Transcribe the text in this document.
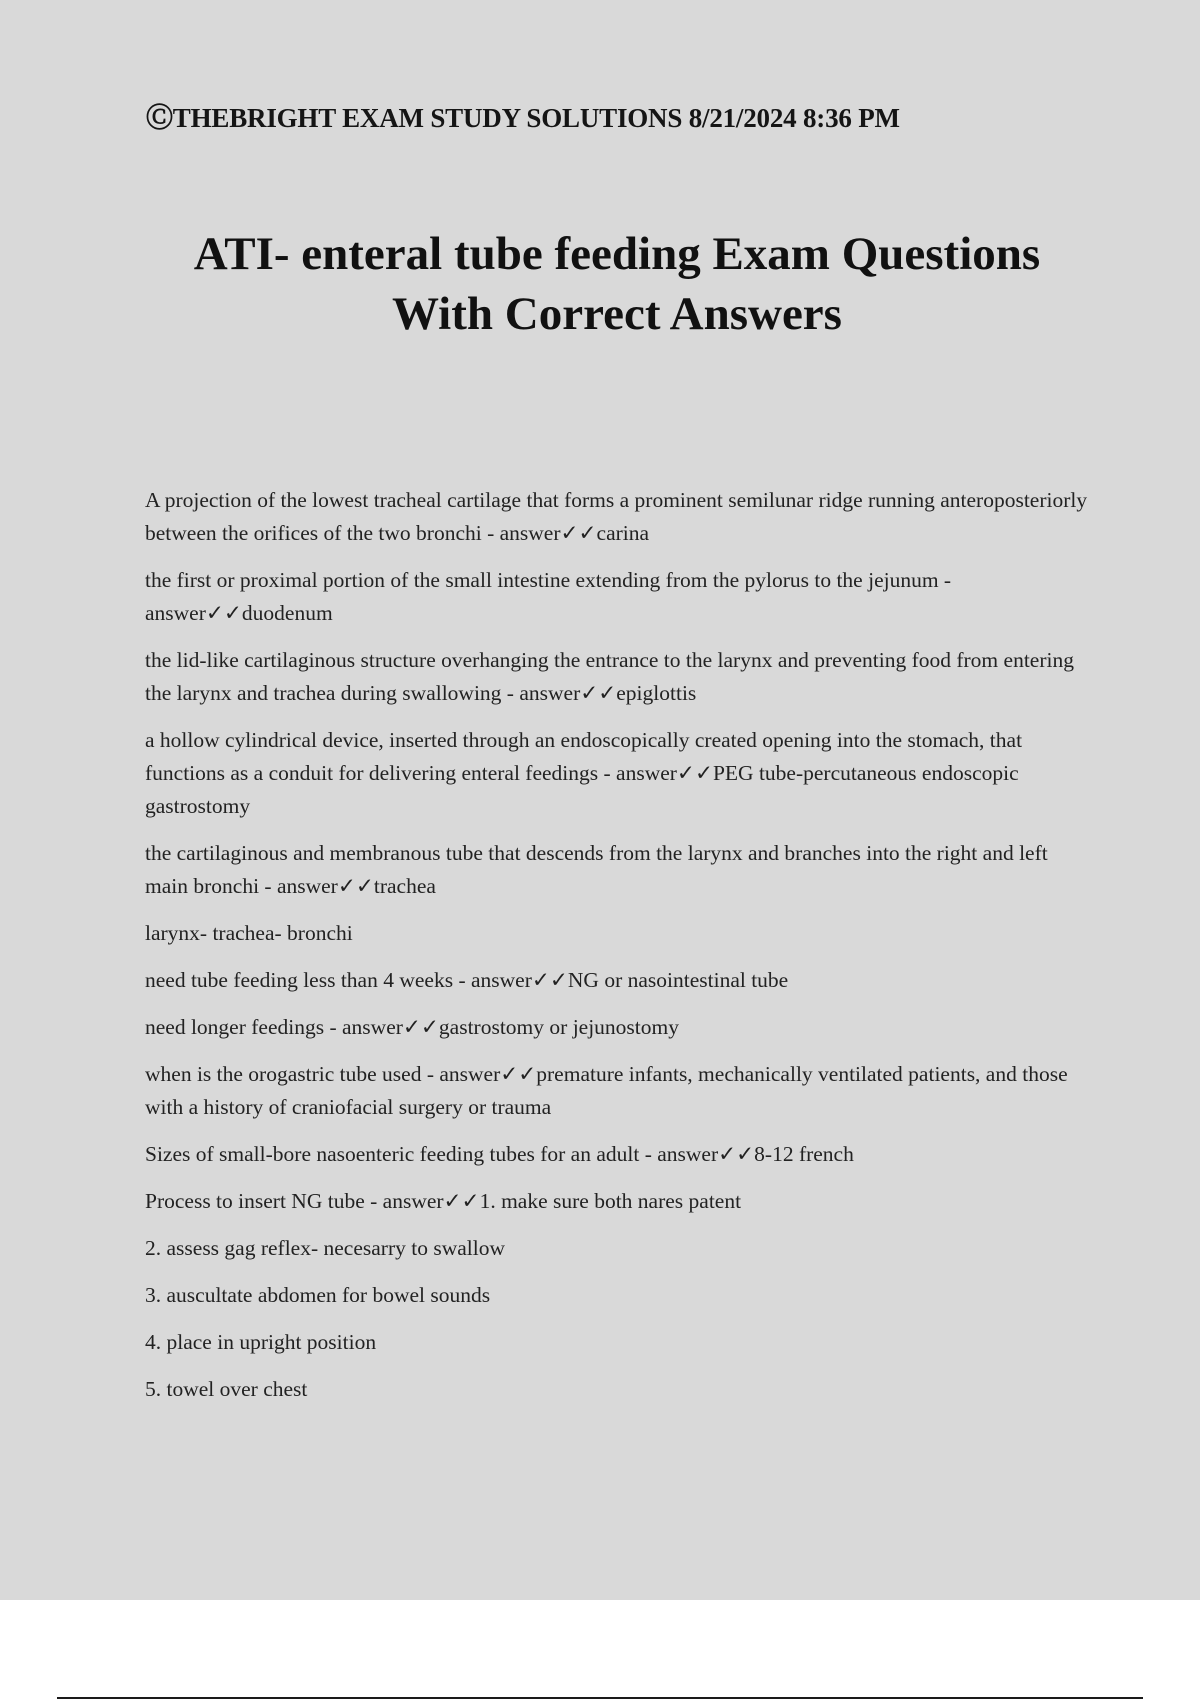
ⒸTHEBRIGHT EXAM STUDY SOLUTIONS 8/21/2024 8:36 PM
ATI- enteral tube feeding Exam Questions
With Correct Answers

A projection of the lowest tracheal cartilage that forms a prominent semilunar ridge running anteroposteriorly between the orifices of the two bronchi - answer✓✓carina

the first or proximal portion of the small intestine extending from the pylorus to the jejunum - answer✓✓duodenum

the lid-like cartilaginous structure overhanging the entrance to the larynx and preventing food from entering the larynx and trachea during swallowing - answer✓✓epiglottis

a hollow cylindrical device, inserted through an endoscopically created opening into the stomach, that functions as a conduit for delivering enteral feedings - answer✓✓PEG tube-percutaneous endoscopic gastrostomy

the cartilaginous and membranous tube that descends from the larynx and branches into the right and left main bronchi - answer✓✓trachea

larynx- trachea- bronchi

need tube feeding less than 4 weeks - answer✓✓NG or nasointestinal tube

need longer feedings - answer✓✓gastrostomy or jejunostomy

when is the orogastric tube used - answer✓✓premature infants, mechanically ventilated patients, and those with a history of craniofacial surgery or trauma

Sizes of small-bore nasoenteric feeding tubes for an adult - answer✓✓8-12 french

Process to insert NG tube - answer✓✓1. make sure both nares patent

2. assess gag reflex- necesarry to swallow

3. auscultate abdomen for bowel sounds

4. place in upright position

5. towel over chest
